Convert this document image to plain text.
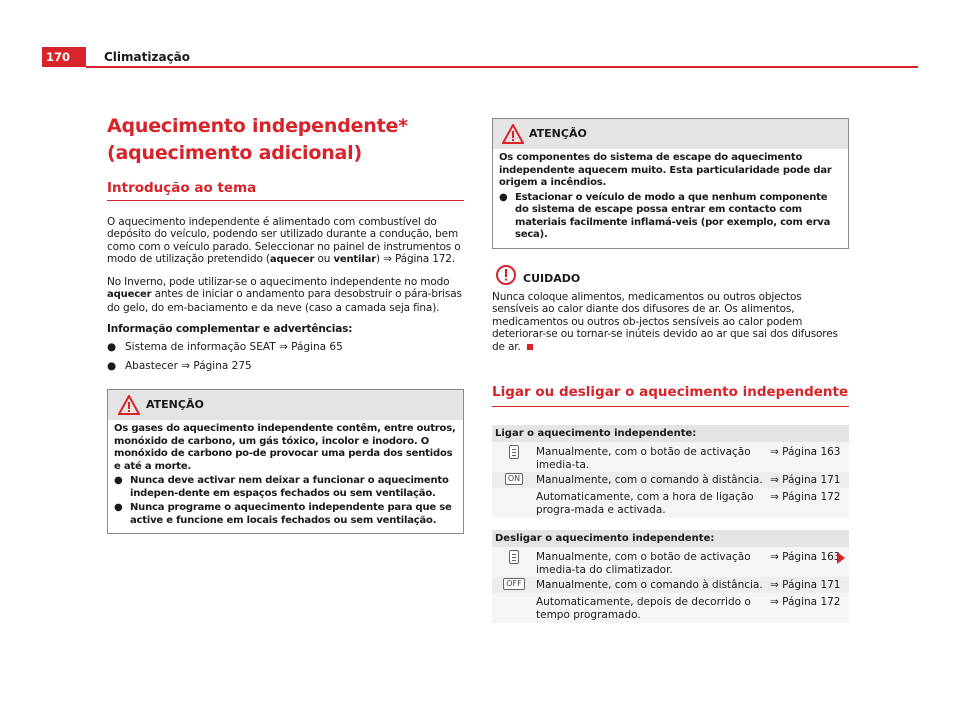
170	Climatização
Aquecimento independente* (aquecimento adicional)
Introdução ao tema

O aquecimento independente é alimentado com combustível do depósito do veículo, podendo ser utilizado durante a condução, bem como com o veículo parado. Seleccionar no painel de instrumentos o modo de utilização pretendido (aquecer ou ventilar) ⇒ Página 172.

No Inverno, pode utilizar-se o aquecimento independente no modo aquecer antes de iniciar o andamento para desobstruir o pára-brisas do gelo, do em-baciamento e da neve (caso a camada seja fina).

Informação complementar e advertências:

● Sistema de informação SEAT ⇒ Página 65
● Abastecer ⇒ Página 275
ATENÇÃO
Os gases do aquecimento independente contêm, entre outros, monóxido de carbono, um gás tóxico, incolor e inodoro. O monóxido de carbono po-de provocar uma perda dos sentidos e até a morte.
● Nunca deve activar nem deixar a funcionar o aquecimento indepen-dente em espaços fechados ou sem ventilação.
● Nunca programe o aquecimento independente para que se active e funcione em locais fechados ou sem ventilação.
ATENÇÃO
Os componentes do sistema de escape do aquecimento independente aquecem muito. Esta particularidade pode dar origem a incêndios.
● Estacionar o veículo de modo a que nenhum componente do sistema de escape possa entrar em contacto com materiais facilmente inflamá-veis (por exemplo, com erva seca).
CUIDADO
Nunca coloque alimentos, medicamentos ou outros objectos sensíveis ao calor diante dos difusores de ar. Os alimentos, medicamentos ou outros ob-jectos sensíveis ao calor podem deteriorar-se ou tornar-se inúteis devido ao ar que sai dos difusores de ar.
Ligar ou desligar o aquecimento independente
Ligar o aquecimento independente:
Manualmente, com o botão de activação imedia-ta.
⇒ Página 163
ON Manualmente, com o comando à distância. ⇒ Página 171
Automaticamente, com a hora de ligação progra-mada e activada.
⇒ Página 172
Desligar o aquecimento independente:
Manualmente, com o botão de activação imedia-ta do climatizador.
⇒ Página 163
OFF Manualmente, com o comando à distância. ⇒ Página 171
Automaticamente, depois de decorrido o tempo programado.
⇒ Página 172
